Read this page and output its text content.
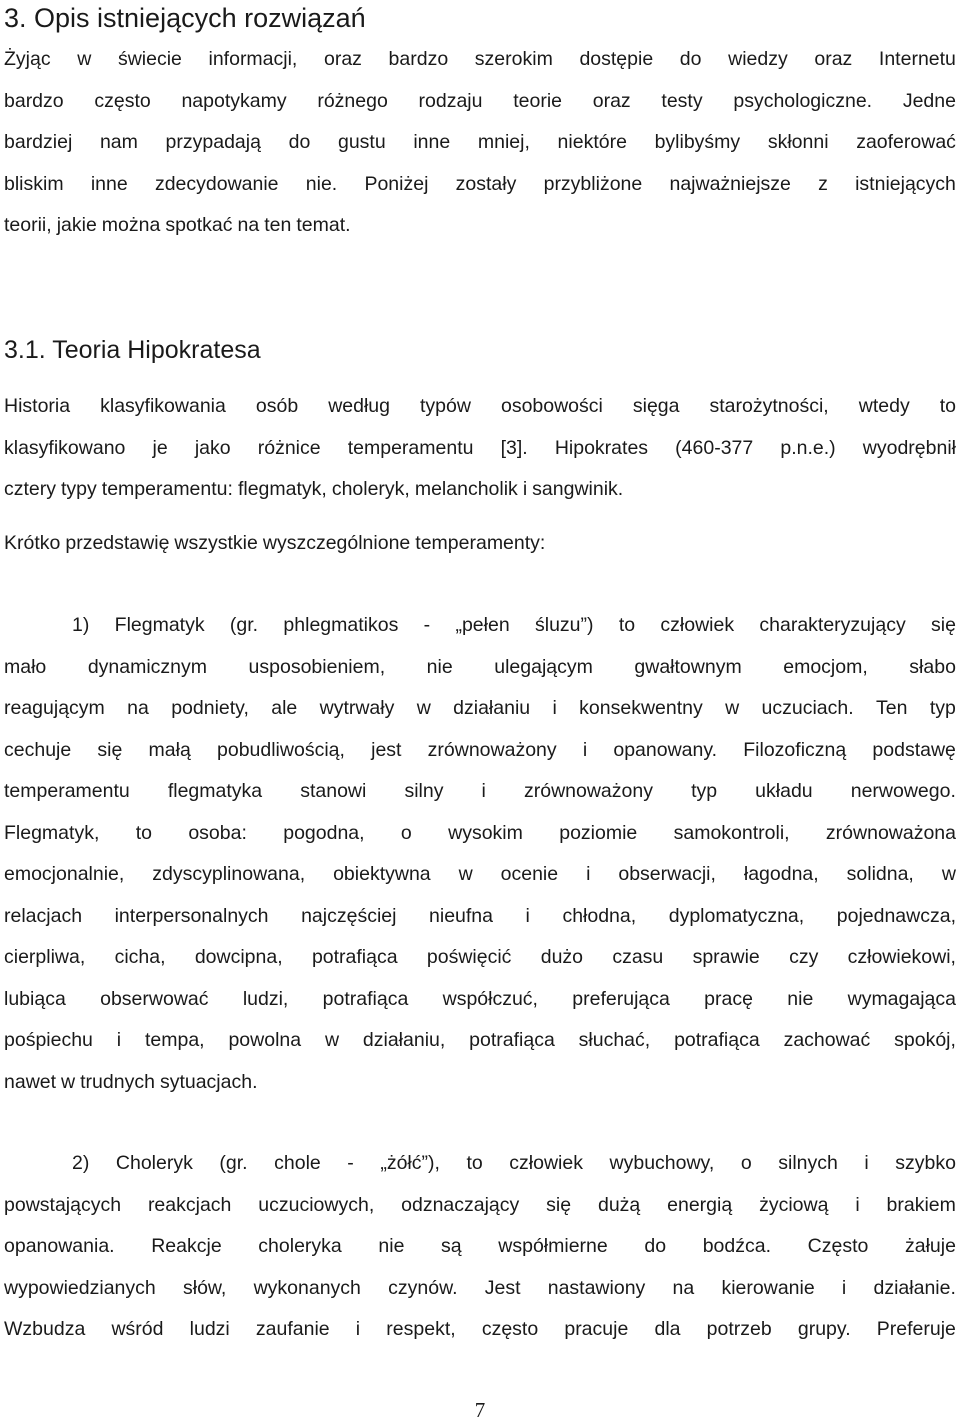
3. Opis istniejących rozwiązań
Żyjąc w świecie informacji, oraz bardzo szerokim dostępie do wiedzy oraz Internetu
bardzo często napotykamy różnego rodzaju teorie oraz testy psychologiczne. Jedne
bardziej nam przypadają do gustu inne mniej, niektóre bylibyśmy skłonni zaoferować
bliskim inne zdecydowanie nie. Poniżej zostały przybliżone najważniejsze z istniejących
teorii, jakie można spotkać na ten temat.
3.1. Teoria Hipokratesa
Historia klasyfikowania osób według typów osobowości sięga starożytności, wtedy to
klasyfikowano je jako różnice temperamentu [3]. Hipokrates (460-377 p.n.e.) wyodrębnił
cztery typy temperamentu: flegmatyk, choleryk, melancholik i sangwinik.
Krótko przedstawię wszystkie wyszczególnione temperamenty:
1) Flegmatyk (gr. phlegmatikos - „pełen śluzu”) to człowiek charakteryzujący się
mało dynamicznym usposobieniem, nie ulegającym gwałtownym emocjom, słabo
reagującym na podniety, ale wytrwały w działaniu i konsekwentny w uczuciach. Ten typ
cechuje się małą pobudliwością, jest zrównoważony i opanowany. Filozoficzną podstawę
temperamentu flegmatyka stanowi silny i zrównoważony typ układu nerwowego.
Flegmatyk, to osoba: pogodna, o wysokim poziomie samokontroli, zrównoważona
emocjonalnie, zdyscyplinowana, obiektywna w ocenie i obserwacji, łagodna, solidna, w
relacjach interpersonalnych najczęściej nieufna i chłodna, dyplomatyczna, pojednawcza,
cierpliwa, cicha, dowcipna, potrafiąca poświęcić dużo czasu sprawie czy człowiekowi,
lubiąca obserwować ludzi, potrafiąca współczuć, preferująca pracę nie wymagająca
pośpiechu i tempa, powolna w działaniu, potrafiąca słuchać, potrafiąca zachować spokój,
nawet w trudnych sytuacjach.
2) Choleryk (gr. chole - „żółć”), to człowiek wybuchowy, o silnych i szybko
powstających reakcjach uczuciowych, odznaczający się dużą energią życiową i brakiem
opanowania. Reakcje choleryka nie są współmierne do bodźca. Często żałuje
wypowiedzianych słów, wykonanych czynów. Jest nastawiony na kierowanie i działanie.
Wzbudza wśród ludzi zaufanie i respekt, często pracuje dla potrzeb grupy. Preferuje
7
